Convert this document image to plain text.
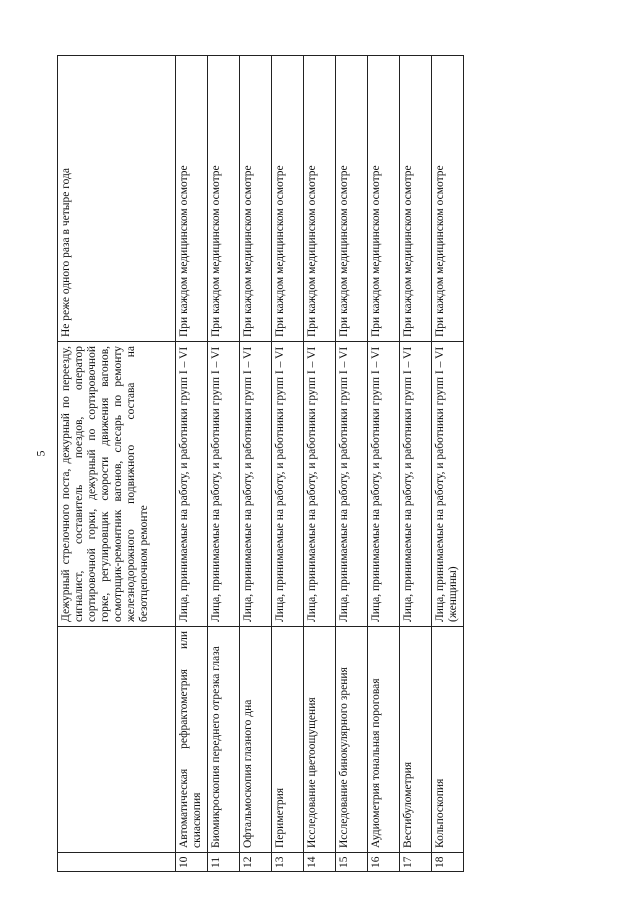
5
		Дежурный стрелочного поста, дежурный по переезду, сигналист, составитель поездов, оператор сортировочной горки, дежурный по сортировочной горке, регулировщик скорости движения вагонов, осмотрщик-ремонтник вагонов, слесарь по ремонту железнодорожного подвижного состава на безотцепочном ремонте	Не реже одного раза в четыре года
10	Автоматическая рефрактометрия или скиаскопия	Лица, принимаемые на работу, и работники групп I – VI	При каждом медицинском осмотре
11	Биомикроскопия переднего отрезка глаза	Лица, принимаемые на работу, и работники групп I – VI	При каждом медицинском осмотре
12	Офтальмоскопия глазного дна	Лица, принимаемые на работу, и работники групп I – VI	При каждом медицинском осмотре
13	Периметрия	Лица, принимаемые на работу, и работники групп I – VI	При каждом медицинском осмотре
14	Исследование цветоощущения	Лица, принимаемые на работу, и работники групп I – VI	При каждом медицинском осмотре
15	Исследование бинокулярного зрения	Лица, принимаемые на работу, и работники групп I – VI	При каждом медицинском осмотре
16	Аудиометрия тональная пороговая	Лица, принимаемые на работу, и работники групп I – VI	При каждом медицинском осмотре
17	Вестибулометрия	Лица, принимаемые на работу, и работники групп I – VI	При каждом медицинском осмотре
18	Кольпоскопия	Лица, принимаемые на работу, и работники групп I – VI (женщины)	При каждом медицинском осмотре
